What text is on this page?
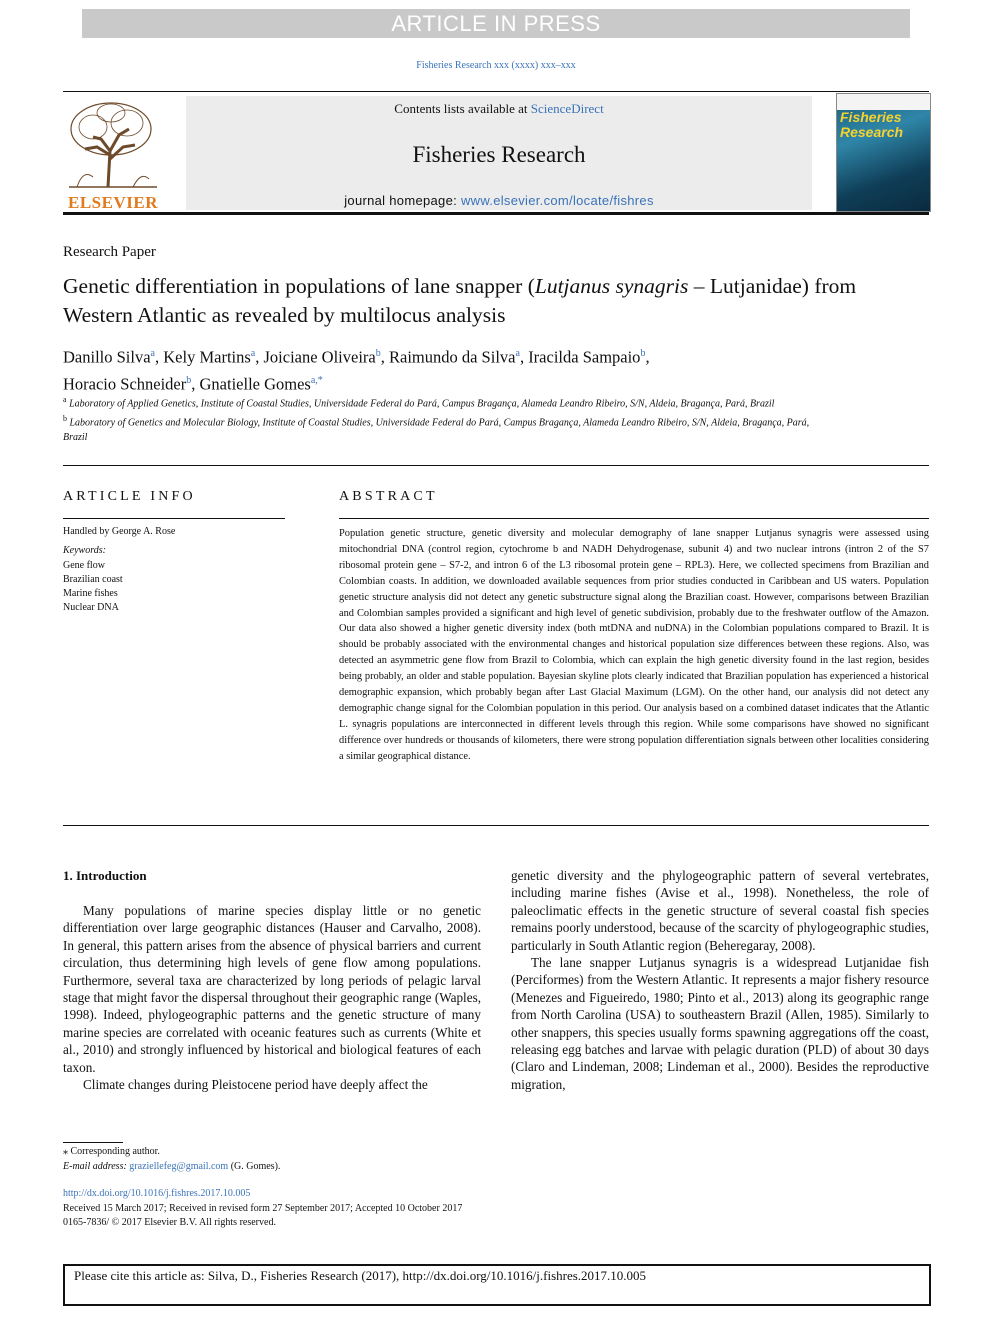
ARTICLE IN PRESS
Fisheries Research xxx (xxxx) xxx–xxx
ELSEVIER
Contents lists available at ScienceDirect
Fisheries Research
journal homepage: www.elsevier.com/locate/fishres
Fisheries Research
Research Paper
Genetic differentiation in populations of lane snapper (Lutjanus synagris – Lutjanidae) from Western Atlantic as revealed by multilocus analysis
Danillo Silva$^a$, Kely Martins$^a$, Joiciane Oliveira$^b$, Raimundo da Silva$^a$, Iracilda Sampaio$^b$,
Horacio Schneider$^b$, Gnatielle Gomes$^{a,*}$
$^a$ Laboratory of Applied Genetics, Institute of Coastal Studies, Universidade Federal do Pará, Campus Bragança, Alameda Leandro Ribeiro, S/N, Aldeia, Bragança, Pará, Brazil
$^b$ Laboratory of Genetics and Molecular Biology, Institute of Coastal Studies, Universidade Federal do Pará, Campus Bragança, Alameda Leandro Ribeiro, S/N, Aldeia, Bragança, Pará, Brazil
ARTICLE INFO
Handled by George A. Rose
Keywords:
Gene flow
Brazilian coast
Marine fishes
Nuclear DNA
ABSTRACT
Population genetic structure, genetic diversity and molecular demography of lane snapper Lutjanus synagris were assessed using mitochondrial DNA (control region, cytochrome b and NADH Dehydrogenase, subunit 4) and two nuclear introns (intron 2 of the S7 ribosomal protein gene – S7-2, and intron 6 of the L3 ribosomal protein gene – RPL3). Here, we collected specimens from Brazilian and Colombian coasts. In addition, we downloaded available sequences from prior studies conducted in Caribbean and US waters. Population genetic structure analysis did not detect any genetic substructure signal along the Brazilian coast. However, comparisons between Brazilian and Colombian samples provided a significant and high level of genetic subdivision, probably due to the freshwater outflow of the Amazon. Our data also showed a higher genetic diversity index (both mtDNA and nuDNA) in the Colombian populations compared to Brazil. It is should be probably associated with the environmental changes and historical population size differences between these regions. Also, was detected an asymmetric gene flow from Brazil to Colombia, which can explain the high genetic diversity found in the last region, besides being probably, an older and stable population. Bayesian skyline plots clearly indicated that Brazilian population has experienced a historical demographic expansion, which probably began after Last Glacial Maximum (LGM). On the other hand, our analysis did not detect any demographic change signal for the Colombian population in this period. Our analysis based on a combined dataset indicates that the Atlantic L. synagris populations are interconnected in different levels through this region. While some comparisons have showed no significant difference over hundreds or thousands of kilometers, there were strong population differentiation signals between other localities considering a similar geographical distance.
1. Introduction

Many populations of marine species display little or no genetic differentiation over large geographic distances (Hauser and Carvalho, 2008). In general, this pattern arises from the absence of physical barriers and current circulation, thus determining high levels of gene flow among populations. Furthermore, several taxa are characterized by long periods of pelagic larval stage that might favor the dispersal throughout their geographic range (Waples, 1998). Indeed, phylogeographic patterns and the genetic structure of many marine species are correlated with oceanic features such as currents (White et al., 2010) and strongly influenced by historical and biological features of each taxon.

Climate changes during Pleistocene period have deeply affect the

genetic diversity and the phylogeographic pattern of several vertebrates, including marine fishes (Avise et al., 1998). Nonetheless, the role of paleoclimatic effects in the genetic structure of several coastal fish species remains poorly understood, because of the scarcity of phylogeographic studies, particularly in South Atlantic region (Beheregaray, 2008).

The lane snapper Lutjanus synagris is a widespread Lutjanidae fish (Perciformes) from the Western Atlantic. It represents a major fishery resource (Menezes and Figueiredo, 1980; Pinto et al., 2013) along its geographic range from North Carolina (USA) to southeastern Brazil (Allen, 1985). Similarly to other snappers, this species usually forms spawning aggregations off the coast, releasing egg batches and larvae with pelagic duration (PLD) of about 30 days (Claro and Lindeman, 2008; Lindeman et al., 2000). Besides the reproductive migration,

⁎ Corresponding author.
E-mail address: graziellefeg@gmail.com (G. Gomes).
http://dx.doi.org/10.1016/j.fishres.2017.10.005
Received 15 March 2017; Received in revised form 27 September 2017; Accepted 10 October 2017
0165-7836/ © 2017 Elsevier B.V. All rights reserved.
Please cite this article as: Silva, D., Fisheries Research (2017), http://dx.doi.org/10.1016/j.fishres.2017.10.005
